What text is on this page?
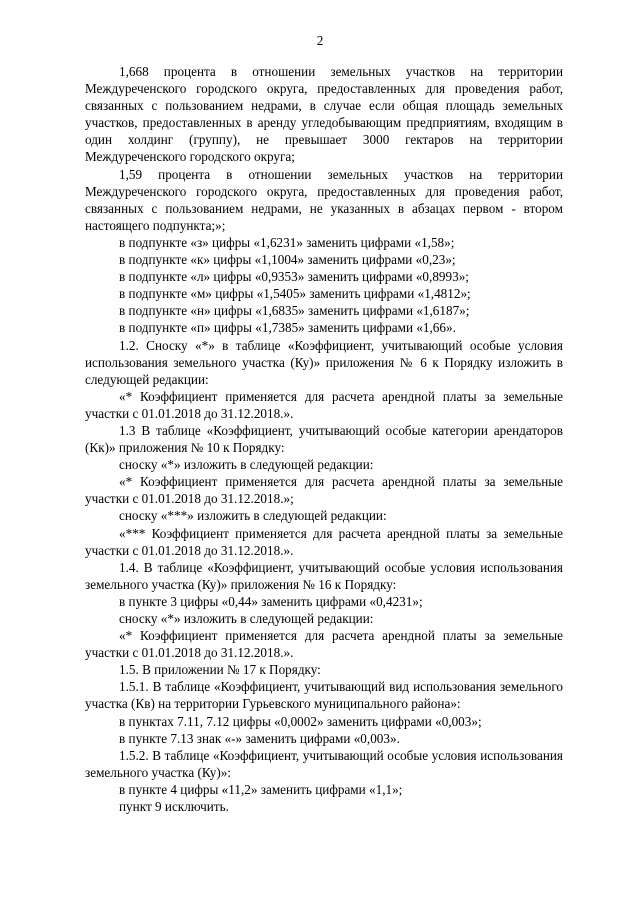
2

1,668 процента в отношении земельных участков на территории Междуреченского городского округа, предоставленных для проведения работ, связанных с пользованием недрами, в случае если общая площадь земельных участков, предоставленных в аренду угледобывающим предприятиям, входящим в один холдинг (группу), не превышает 3000 гектаров на территории Междуреченского городского округа;

1,59 процента в отношении земельных участков на территории Междуреченского городского округа, предоставленных для проведения работ, связанных с пользованием недрами, не указанных в абзацах первом - втором настоящего подпункта;»;

в подпункте «з» цифры «1,6231» заменить цифрами «1,58»;

в подпункте «к» цифры «1,1004» заменить цифрами «0,23»;

в подпункте «л» цифры «0,9353» заменить цифрами «0,8993»;

в подпункте «м» цифры «1,5405» заменить цифрами «1,4812»;

в подпункте «н» цифры «1,6835» заменить цифрами «1,6187»;

в подпункте «п» цифры «1,7385» заменить цифрами «1,66».

1.2. Сноску «*» в таблице «Коэффициент, учитывающий особые условия использования земельного участка (Ку)» приложения № 6 к Порядку изложить в следующей редакции:

«* Коэффициент применяется для расчета арендной платы за земельные участки с 01.01.2018 до 31.12.2018.».

1.3 В таблице «Коэффициент, учитывающий особые категории арендаторов (Кк)» приложения № 10 к Порядку:

сноску «*» изложить в следующей редакции:

«* Коэффициент применяется для расчета арендной платы за земельные участки с 01.01.2018 до 31.12.2018.»;

сноску «***» изложить в следующей редакции:

«*** Коэффициент применяется для расчета арендной платы за земельные участки с 01.01.2018 до 31.12.2018.».

1.4. В таблице «Коэффициент, учитывающий особые условия использования земельного участка (Ку)» приложения № 16 к Порядку:

в пункте 3 цифры «0,44» заменить цифрами «0,4231»;

сноску «*» изложить в следующей редакции:

«* Коэффициент применяется для расчета арендной платы за земельные участки с 01.01.2018 до 31.12.2018.».

1.5. В приложении № 17 к Порядку:

1.5.1. В таблице «Коэффициент, учитывающий вид использования земельного участка (Кв) на территории Гурьевского муниципального района»:

в пунктах 7.11, 7.12 цифры «0,0002» заменить цифрами «0,003»;

в пункте 7.13 знак «-» заменить цифрами «0,003».

1.5.2. В таблице «Коэффициент, учитывающий особые условия использования земельного участка (Ку)»:

в пункте 4 цифры «11,2» заменить цифрами «1,1»;

пункт 9 исключить.
